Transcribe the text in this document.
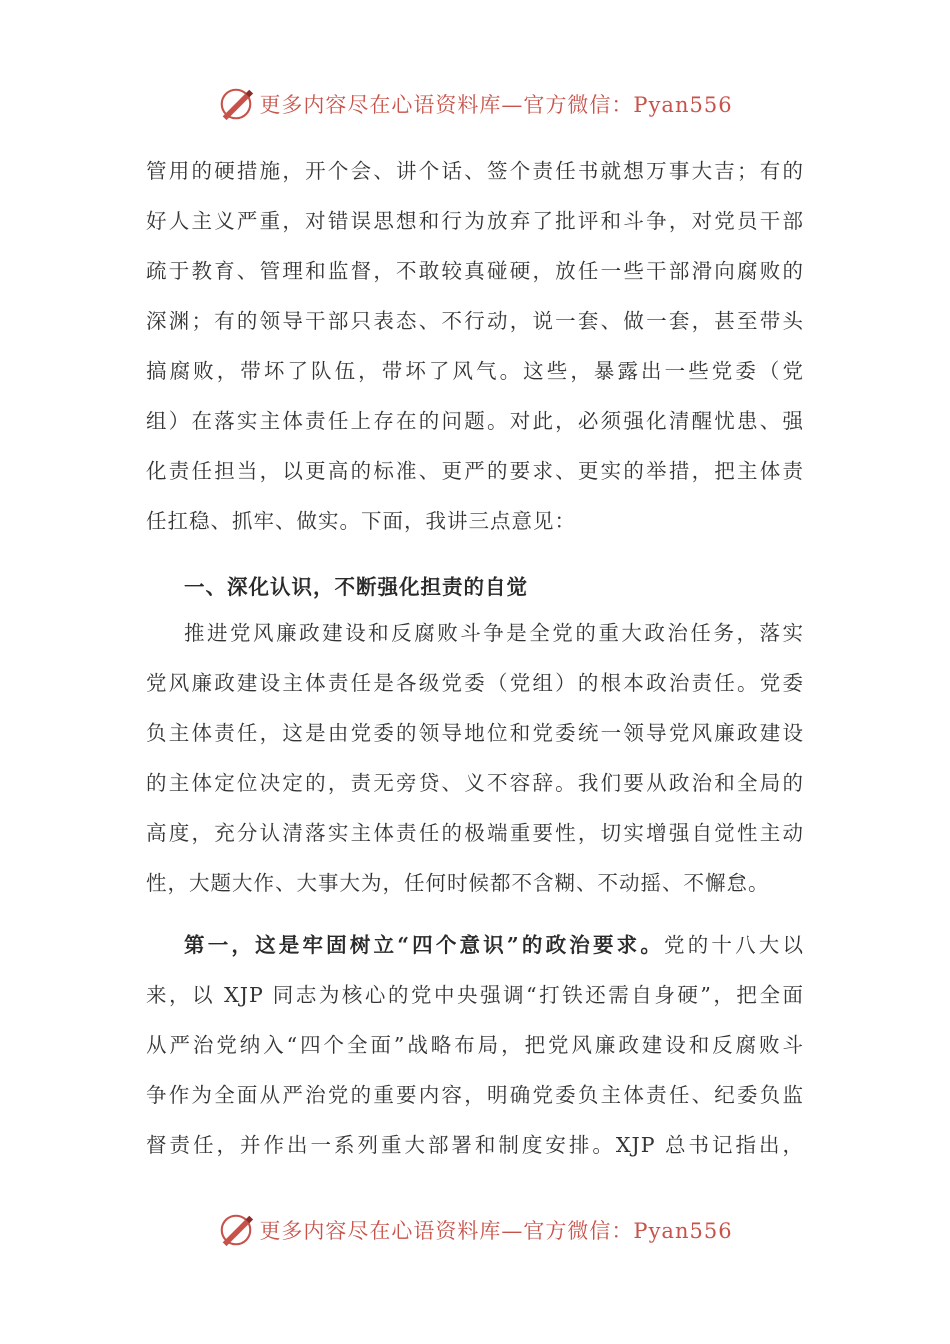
更多内容尽在心语资料库—官方微信：Pyan556
管用的硬措施，开个会、讲个话、签个责任书就想万事大吉；有的
好人主义严重，对错误思想和行为放弃了批评和斗争，对党员干部
疏于教育、管理和监督，不敢较真碰硬，放任一些干部滑向腐败的
深渊；有的领导干部只表态、不行动，说一套、做一套，甚至带头
搞腐败，带坏了队伍，带坏了风气。这些，暴露出一些党委（党
组）在落实主体责任上存在的问题。对此，必须强化清醒忧患、强
化责任担当，以更高的标准、更严的要求、更实的举措，把主体责
任扛稳、抓牢、做实。下面，我讲三点意见：
一、深化认识，不断强化担责的自觉
推进党风廉政建设和反腐败斗争是全党的重大政治任务，落实
党风廉政建设主体责任是各级党委（党组）的根本政治责任。党委
负主体责任，这是由党委的领导地位和党委统一领导党风廉政建设
的主体定位决定的，责无旁贷、义不容辞。我们要从政治和全局的
高度，充分认清落实主体责任的极端重要性，切实增强自觉性主动
性，大题大作、大事大为，任何时候都不含糊、不动摇、不懈怠。
第一，这是牢固树立“四个意识”的政治要求。党的十八大以
来，以 XJP 同志为核心的党中央强调“打铁还需自身硬”，把全面
从严治党纳入“四个全面”战略布局，把党风廉政建设和反腐败斗
争作为全面从严治党的重要内容，明确党委负主体责任、纪委负监
督责任，并作出一系列重大部署和制度安排。XJP 总书记指出，
更多内容尽在心语资料库—官方微信：Pyan556
